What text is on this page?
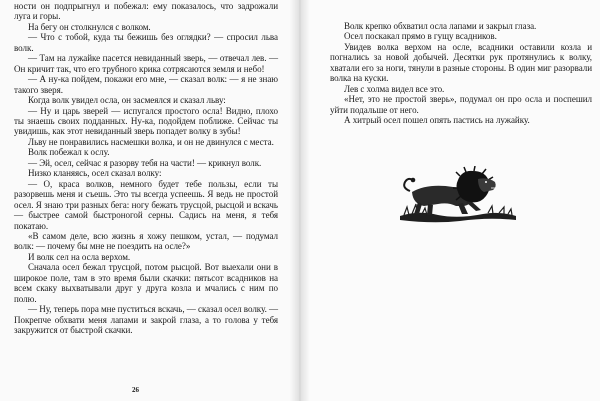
ности он подпрыгнул и побежал: ему показалось, что задрожали луга и горы.

На бегу он столкнулся с волком.

— Что с тобой, куда ты бежишь без оглядки? — спросил льва волк.

— Там на лужайке пасется невиданный зверь, — отвечал лев. — Он кричит так, что его трубного крика сотрясаются земля и небо!

— А ну-ка пойдем, покажи его мне, — сказал волк: — я не знаю такого зверя.

Когда волк увидел осла, он засмеялся и сказал льву:

— Ну и царь зверей — испугался простого осла! Видно, плохо ты знаешь своих подданных. Ну-ка, подойдем поближе. Сейчас ты увидишь, как этот невиданный зверь попадет волку в зубы!

Льву не понравились насмешки волка, и он не двинулся с места.

Волк побежал к ослу.

— Эй, осел, сейчас я разорву тебя на части! — крикнул волк.

Низко кланяясь, осел сказал волку:

— О, краса волков, немного будет тебе пользы, если ты разорвешь меня и съешь. Это ты всегда успеешь. Я ведь не простой осел. Я знаю три разных бега: ногу бежать трусцой, рысцой и вскачь — быстрее самой быстроногой серны. Садись на меня, я тебя покатаю.

«В самом деле, всю жизнь я хожу пешком, устал, — подумал волк: — почему бы мне не поездить на осле?»

И волк сел на осла верхом.

Сначала осел бежал трусцой, потом рысцой. Вот выехали они в широкое поле, там в это время были скачки: пятьсот всадников на всем скаку выхватывали друг у друга козла и мчались с ним по полю.

— Ну, теперь пора мне пуститься вскачь, — сказал осел волку. — Покрепче обхвати меня лапами и закрой глаза, а то голова у тебя закружится от быстрой скачки.

26

Волк крепко обхватил осла лапами и закрыл глаза.

Осел поскакал прямо в гущу всадников.

Увидев волка верхом на осле, всадники оставили козла и погнались за новой добычей. Десятки рук протянулись к волку, хватали его за ноги, тянули в разные стороны. В один миг разорвали волка на куски.

Лев с холма видел все это.

«Нет, это не простой зверь», подумал он про осла и поспешил уйти подальше от него.

А хитрый осел пошел опять пастись на лужайку.
